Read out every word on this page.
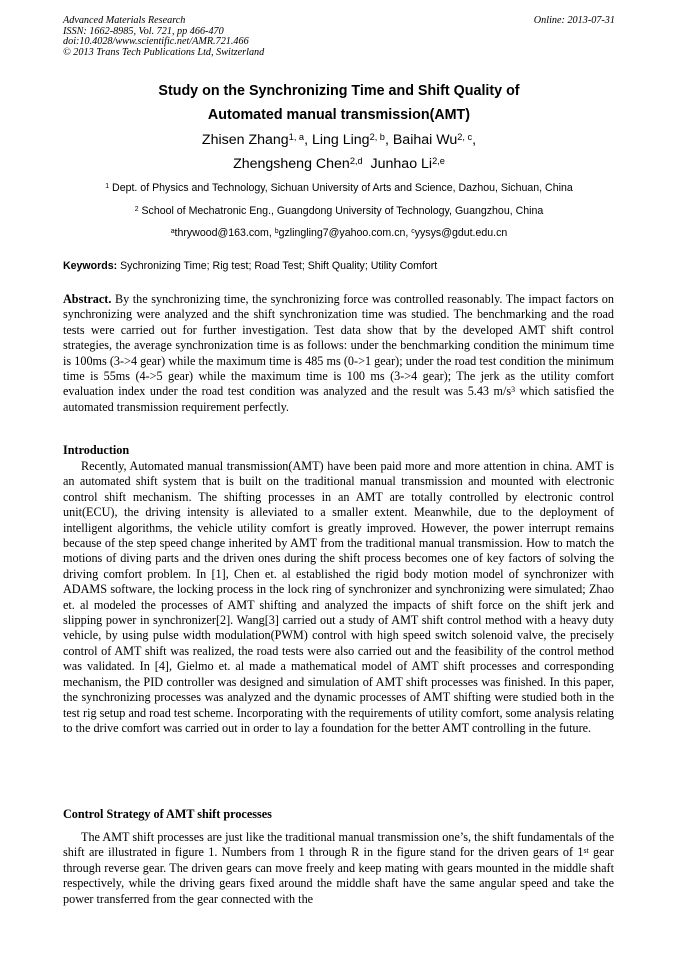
Advanced Materials Research
ISSN: 1662-8985, Vol. 721, pp 466-470
doi:10.4028/www.scientific.net/AMR.721.466
© 2013 Trans Tech Publications Ltd, Switzerland
Online: 2013-07-31
Study on the Synchronizing Time and Shift Quality of
Automated manual transmission(AMT)
Zhisen Zhang$^{1, a}$, Ling Ling$^{2, b}$, Baihai Wu$^{2, c}$,
Zhengsheng Chen$^{2,d}$ Junhao Li$^{2,e}$
$^1$ Dept. of Physics and Technology, Sichuan University of Arts and Science, Dazhou, Sichuan, China
$^2$ School of Mechatronic Eng., Guangdong University of Technology, Guangzhou, China
$^a$thrywood@163.com, $^b$gzlingling7@yahoo.com.cn, $^c$yysys@gdut.edu.cn
Keywords: Sychronizing Time; Rig test; Road Test; Shift Quality; Utility Comfort
Abstract. By the synchronizing time, the synchronizing force was controlled reasonably. The impact factors on synchronizing were analyzed and the shift synchronization time was studied. The benchmarking and the road tests were carried out for further investigation. Test data show that by the developed AMT shift control strategies, the average synchronization time is as follows: under the benchmarking condition the minimum time is 100ms (3->4 gear) while the maximum time is 485 ms (0->1 gear); under the road test condition the minimum time is 55ms (4->5 gear) while the maximum time is 100 ms (3->4 gear); The jerk as the utility comfort evaluation index under the road test condition was analyzed and the result was 5.43 $m/s^3$ which satisfied the automated transmission requirement perfectly.
Introduction
Recently, Automated manual transmission(AMT) have been paid more and more attention in china. AMT is an automated shift system that is built on the traditional manual transmission and mounted with electronic control shift mechanism. The shifting processes in an AMT are totally controlled by electronic control unit(ECU), the driving intensity is alleviated to a smaller extent. Meanwhile, due to the deployment of intelligent algorithms, the vehicle utility comfort is greatly improved. However, the power interrupt remains because of the step speed change inherited by AMT from the traditional manual transmission. How to match the motions of diving parts and the driven ones during the shift process becomes one of key factors of solving the driving comfort problem. In [1], Chen et. al established the rigid body motion model of synchronizer with ADAMS software, the locking process in the lock ring of synchronizer and synchronizing were simulated; Zhao et. al modeled the processes of AMT shifting and analyzed the impacts of shift force on the shift jerk and slipping power in synchronizer[2]. Wang[3] carried out a study of AMT shift control method with a heavy duty vehicle, by using pulse width modulation(PWM) control with high speed switch solenoid valve, the precisely control of AMT shift was realized, the road tests were also carried out and the feasibility of the control method was validated. In [4], Gielmo et. al made a mathematical model of AMT shift processes and corresponding mechanism, the PID controller was designed and simulation of AMT shift processes was finished. In this paper, the synchronizing processes was analyzed and the dynamic processes of AMT shifting were studied both in the test rig setup and road test scheme. Incorporating with the requirements of utility comfort, some analysis relating to the drive comfort was carried out in order to lay a foundation for the better AMT controlling in the future.
Control Strategy of AMT shift processes
The AMT shift processes are just like the traditional manual transmission one’s, the shift fundamentals of the shift are illustrated in figure 1. Numbers from 1 through R in the figure stand for the driven gears of 1st gear through reverse gear. The driven gears can move freely and keep mating with gears mounted in the middle shaft respectively, while the driving gears fixed around the middle shaft have the same angular speed and take the power transferred from the gear connected with the
